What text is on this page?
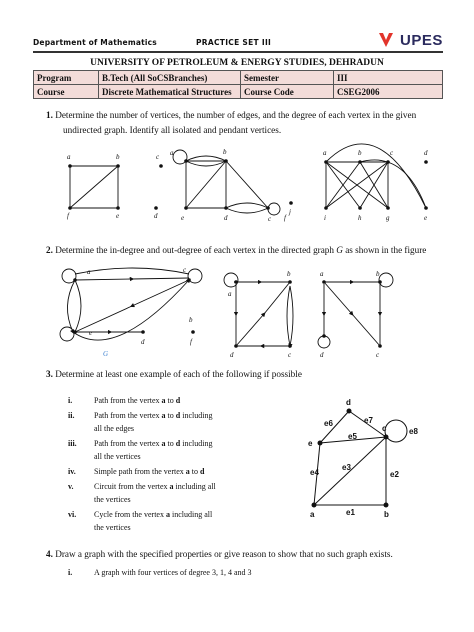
Department of Mathematics	PRACTICE SET III	UPES
UNIVERSITY OF PETROLEUM & ENERGY STUDIES, DEHRADUN
Program	B.Tech (All SoCSBranches)	Semester	III
Course	Discrete Mathematical Structures	Course Code	CSEG2006
1. Determine the number of vertices, the number of edges, and the degree of each vertex in the given
undirected graph. Identify all isolated and pendant vertices.
a	b	c
d
e
f
a	b
c
d
e	f
j
a	b	c	d
i	h	g	e
2. Determine the in-degree and out-degree of each vertex in the directed graph G as shown in the figure
a	c
e
d	f
b
G
a
b
c
d
a	b
c
d
3. Determine at least one example of each of the following if possible
i.	Path from the vertex a to d
ii. Path from the vertex a to d including
all the edges
iii. Path from the vertex a to d including
all the vertices
iv. Simple path from the vertex a to d
v.	Circuit from the vertex a including all
the vertices
vi. Cycle from the vertex a including all
the vertices
d
e
c
a	b
e6	e7
e8
e5
e3
e4	e2
e1
4. Draw a graph with the specified properties or give reason to show that no such graph exists.
i.	A graph with four vertices of degree 3, 1, 4 and 3
